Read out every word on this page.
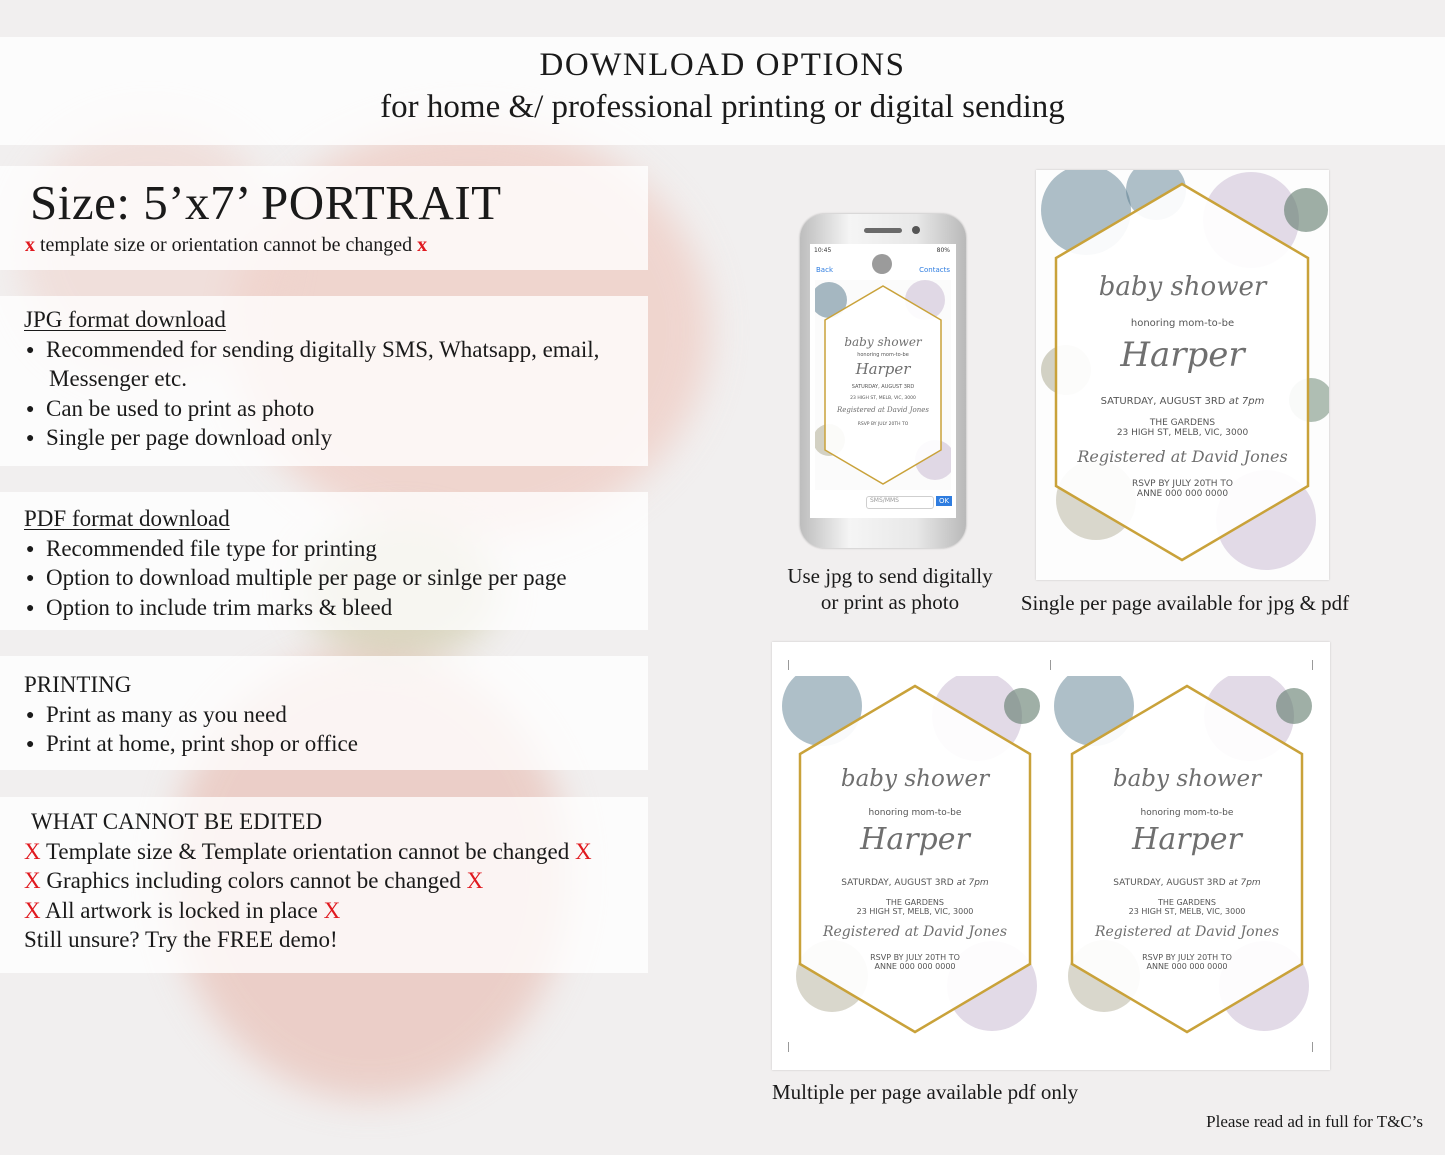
DOWNLOAD OPTIONS
for home &/ professional printing or digital sending
Size: 5’x7’ PORTRAIT
x template size or orientation cannot be changed x
JPG format download
● Recommended for sending digitally SMS, Whatsapp, email,
Messenger etc.
● Can be used to print as photo
● Single per page download only
PDF format download
● Recommended file type for printing
● Option to download multiple per page or sinlge per page
● Option to include trim marks & bleed
PRINTING
● Print as many as you need
● Print at home, print shop or office
WHAT CANNOT BE EDITED
X Template size & Template orientation cannot be changed X
X Graphics including colors cannot be changed X
X All artwork is locked in place X
Still unsure? Try the FREE demo!
10:45	80%
Back	Contacts
baby shower
honoring mom-to-be
Harper
SATURDAY, AUGUST 3RD
23 HIGH ST, MELB, VIC, 3000
Registered at David Jones
RSVP BY JULY 20TH TO
SMS/MMS	OK
Use jpg to send digitally
or print as photo
baby shower
honoring mom-to-be
Harper
SATURDAY, AUGUST 3RD at 7pm
THE GARDENS
23 HIGH ST, MELB, VIC, 3000
Registered at David Jones
RSVP BY JULY 20TH TO
ANNE 000 000 0000
Single per page available for jpg & pdf
baby shower
honoring mom-to-be
Harper
SATURDAY, AUGUST 3RD at 7pm
THE GARDENS
23 HIGH ST, MELB, VIC, 3000
Registered at David Jones
RSVP BY JULY 20TH TO
ANNE 000 000 0000
baby shower
honoring mom-to-be
Harper
SATURDAY, AUGUST 3RD at 7pm
THE GARDENS
23 HIGH ST, MELB, VIC, 3000
Registered at David Jones
RSVP BY JULY 20TH TO
ANNE 000 000 0000
Multiple per page available pdf only
Please read ad in full for T&C’s
